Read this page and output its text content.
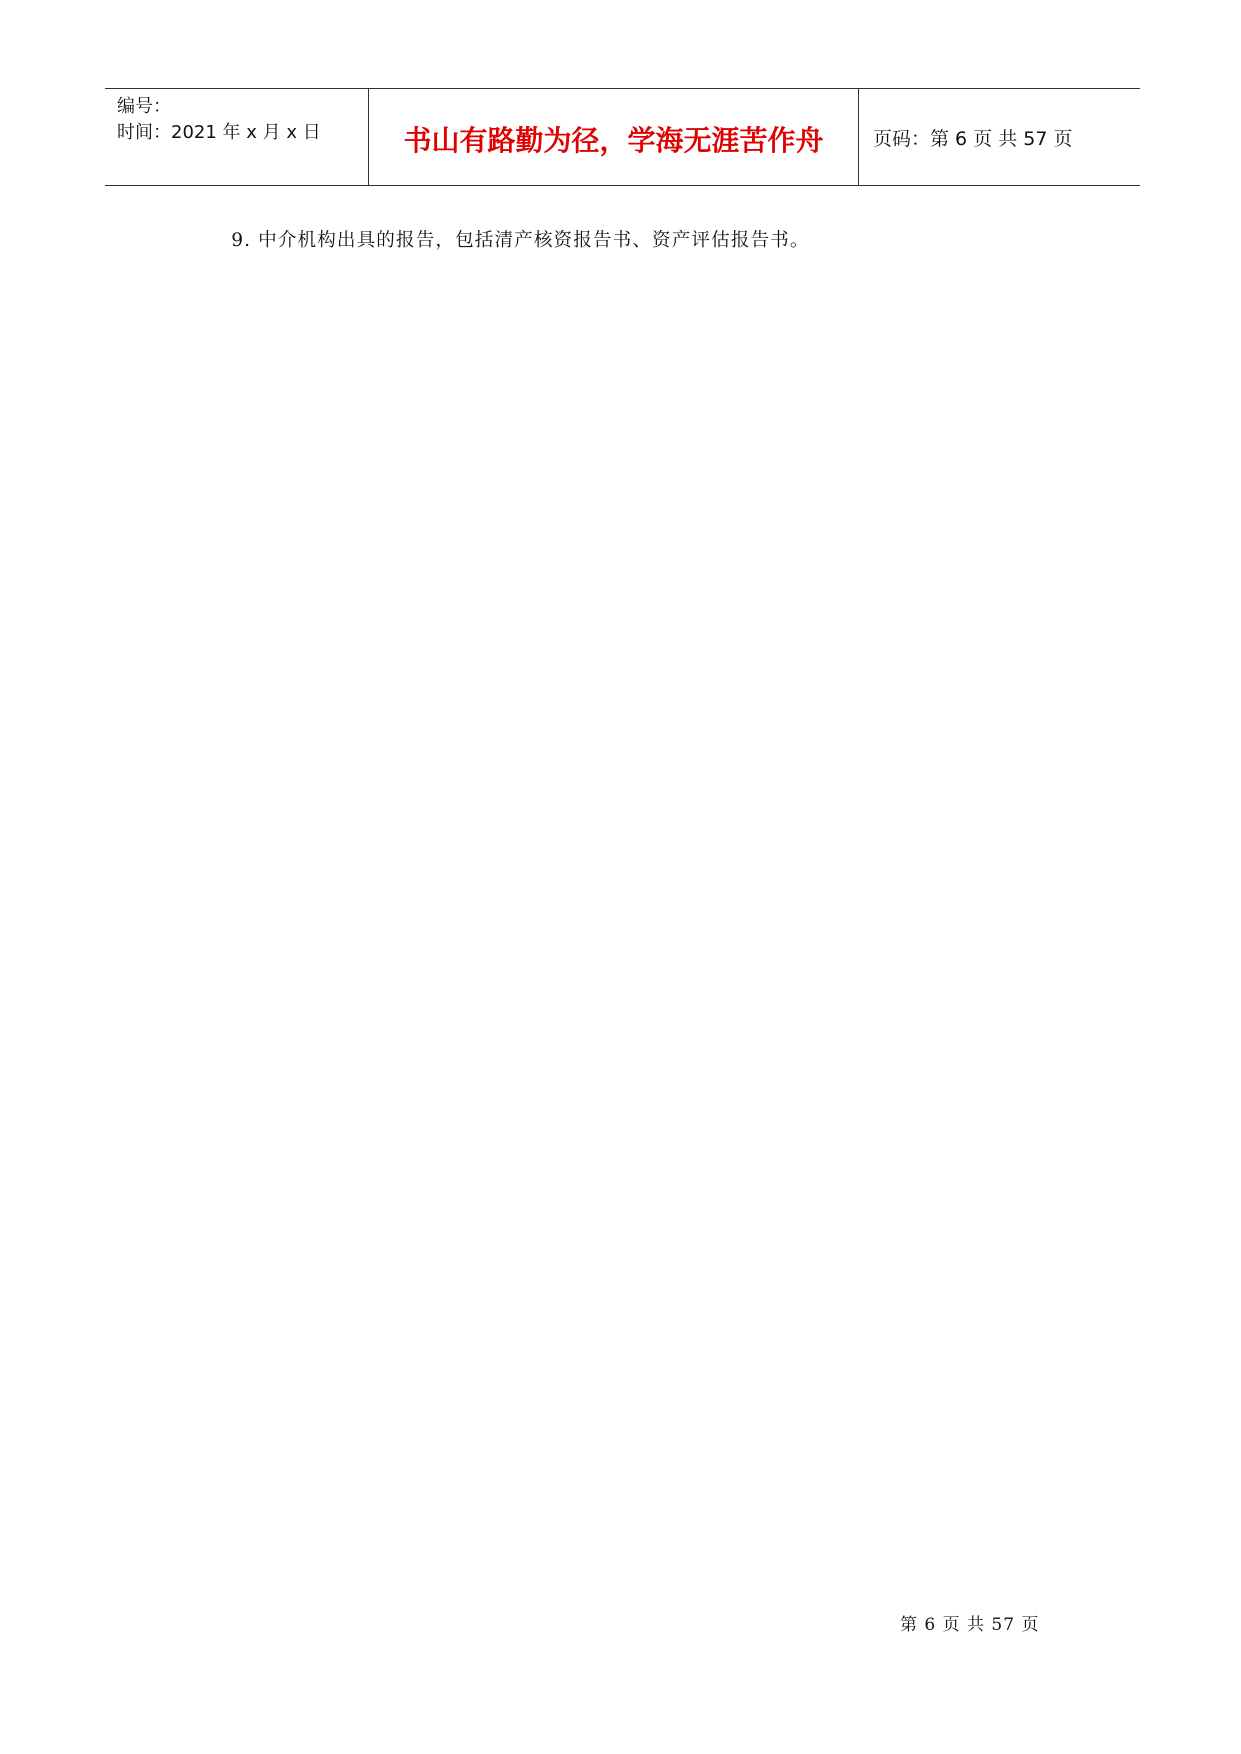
编号：
时间：2021 年 x 月 x 日	书山有路勤为径，学海无涯苦作舟	页码：第 6 页 共 57 页

9. 中介机构出具的报告，包括清产核资报告书、资产评估报告书。

第 6 页 共 57 页
